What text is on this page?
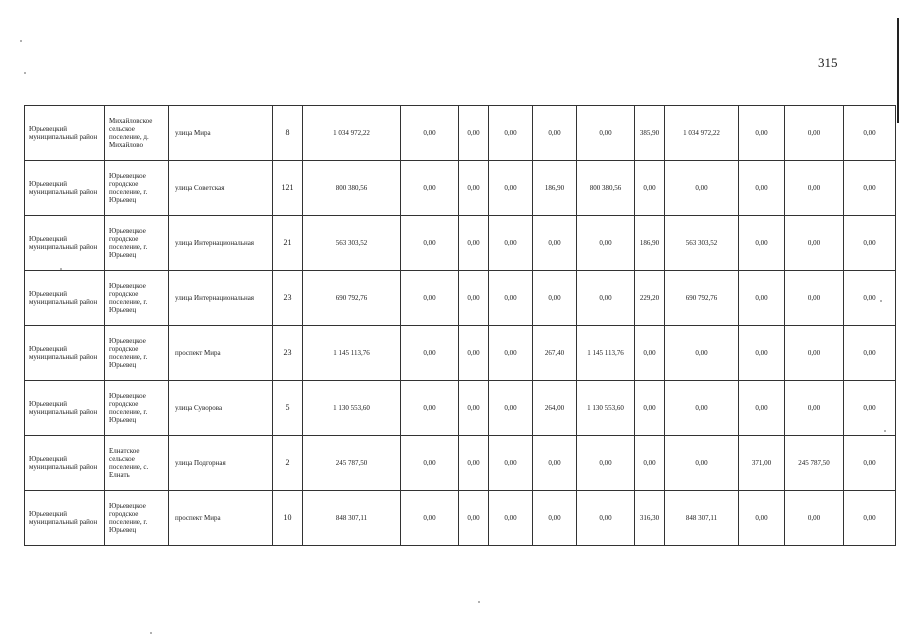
315
Юрьевецкий муниципальный район	Михайловское сельское поселение, д. Михайлово	улица Мира	8	1 034 972,22	0,00	0,00	0,00	0,00	0,00	385,90	1 034 972,22	0,00	0,00	0,00
Юрьевецкий муниципальный район	Юрьевецкое городское поселение, г. Юрьевец	улица Советская	121	800 380,56	0,00	0,00	0,00	186,90	800 380,56	0,00	0,00	0,00	0,00	0,00
Юрьевецкий муниципальный район	Юрьевецкое городское поселение, г. Юрьевец	улица Интернациональная	21	563 303,52	0,00	0,00	0,00	0,00	0,00	186,90	563 303,52	0,00	0,00	0,00
Юрьевецкий муниципальный район	Юрьевецкое городское поселение, г. Юрьевец	улица Интернациональная	23	690 792,76	0,00	0,00	0,00	0,00	0,00	229,20	690 792,76	0,00	0,00	0,00
Юрьевецкий муниципальный район	Юрьевецкое городское поселение, г. Юрьевец	проспект Мира	23	1 145 113,76	0,00	0,00	0,00	267,40	1 145 113,76	0,00	0,00	0,00	0,00	0,00
Юрьевецкий муниципальный район	Юрьевецкое городское поселение, г. Юрьевец	улица Суворова	5	1 130 553,60	0,00	0,00	0,00	264,00	1 130 553,60	0,00	0,00	0,00	0,00	0,00
Юрьевецкий муниципальный район	Елнатское сельское поселение, с. Елнать	улица Подгорная	2	245 787,50	0,00	0,00	0,00	0,00	0,00	0,00	0,00	371,00	245 787,50	0,00
Юрьевецкий муниципальный район	Юрьевецкое городское поселение, г. Юрьевец	проспект Мира	10	848 307,11	0,00	0,00	0,00	0,00	0,00	316,30	848 307,11	0,00	0,00	0,00
